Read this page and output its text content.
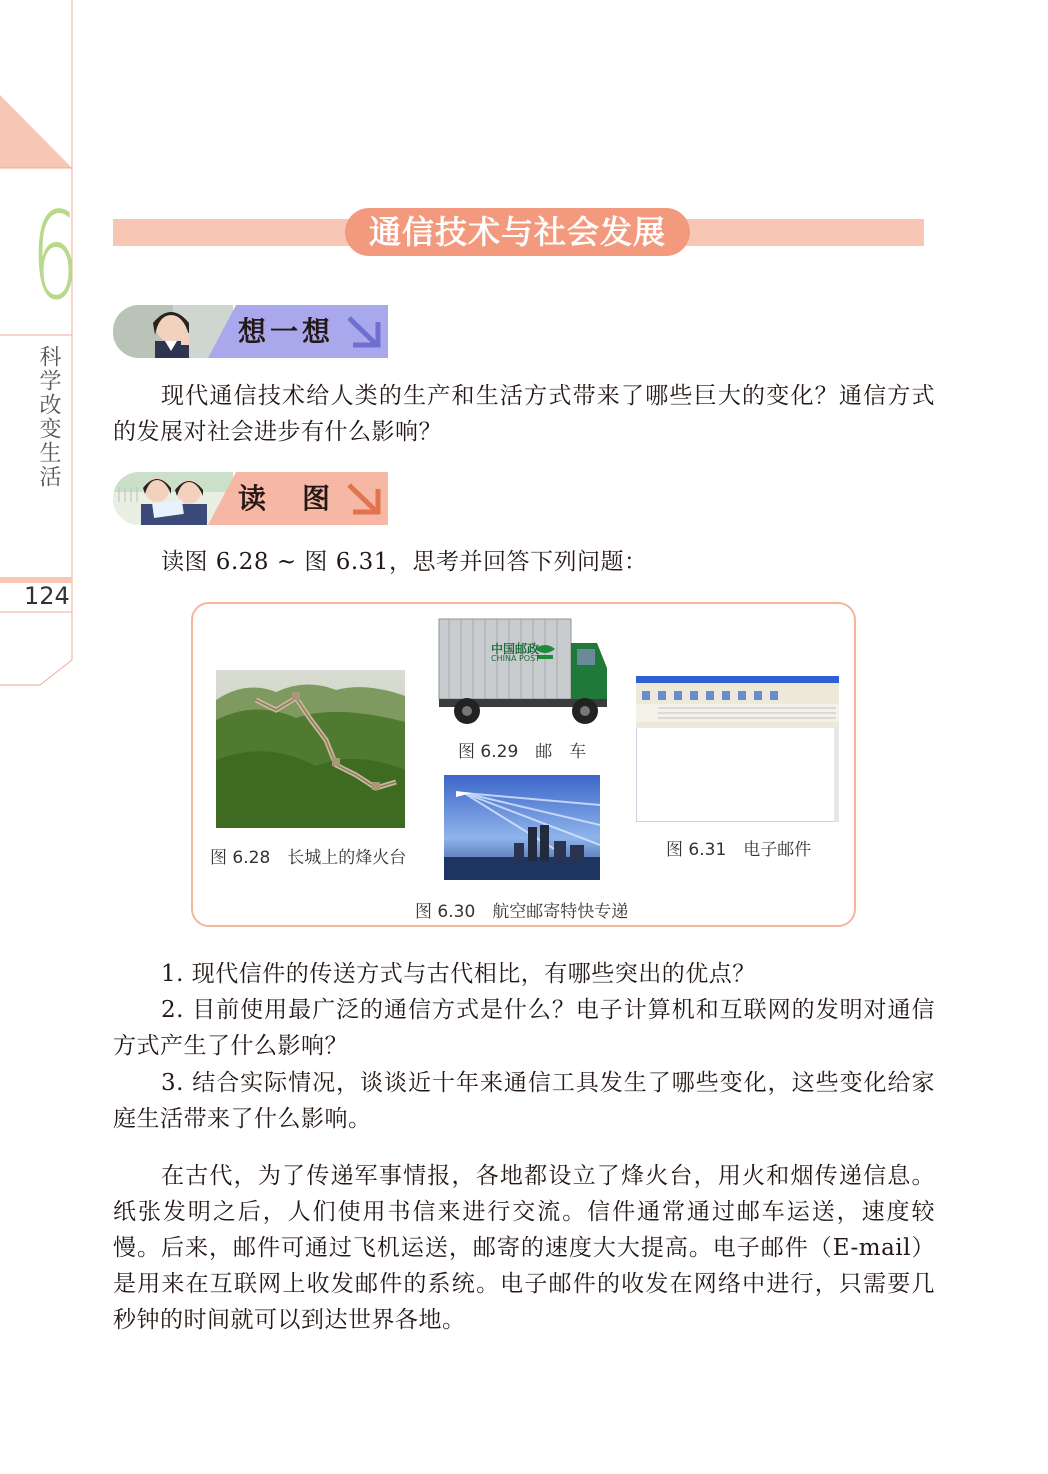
6
科学改变生活
124
通信技术与社会发展
想一想

现代通信技术给人类的生产和生活方式带来了哪些巨大的变化？通信方式的发展对社会进步有什么影响？

读　图

读图 6.28 ~ 图 6.31，思考并回答下列问题：

图 6.28　长城上的烽火台
中国邮政
CHINA POST
图 6.29　邮　车
图 6.30　航空邮寄特快专递
图 6.31　电子邮件

1. 现代信件的传送方式与古代相比，有哪些突出的优点？

2. 目前使用最广泛的通信方式是什么？电子计算机和互联网的发明对通信方式产生了什么影响？

3. 结合实际情况，谈谈近十年来通信工具发生了哪些变化，这些变化给家庭生活带来了什么影响。

在古代，为了传递军事情报，各地都设立了烽火台，用火和烟传递信息。纸张发明之后，人们使用书信来进行交流。信件通常通过邮车运送，速度较慢。后来，邮件可通过飞机运送，邮寄的速度大大提高。电子邮件（E-mail）是用来在互联网上收发邮件的系统。电子邮件的收发在网络中进行，只需要几秒钟的时间就可以到达世界各地。
